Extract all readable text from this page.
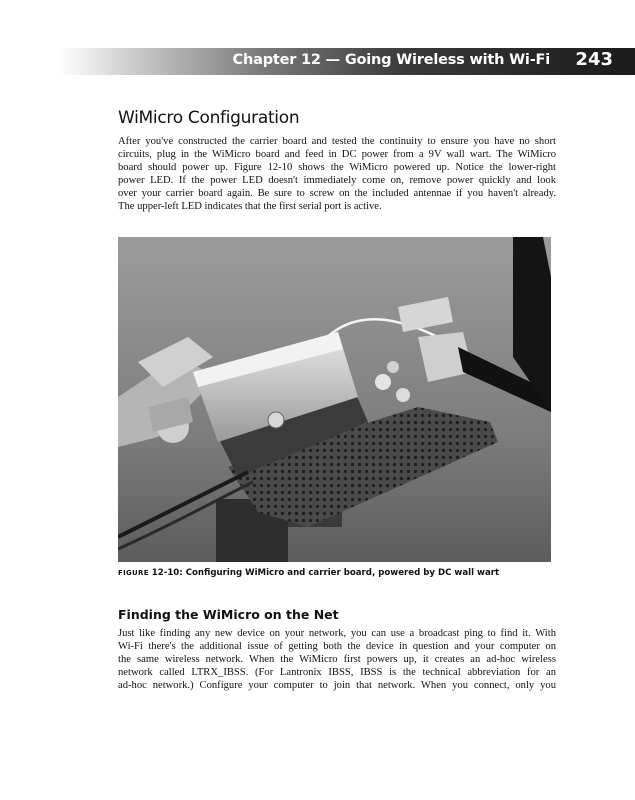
Chapter 12 — Going Wireless with Wi-Fi 243
WiMicro Configuration
After you've constructed the carrier board and tested the continuity to ensure you have no short
circuits, plug in the WiMicro board and feed in DC power from a 9V wall wart. The WiMicro
board should power up. Figure 12-10 shows the WiMicro powered up. Notice the lower-right
power LED. If the power LED doesn't immediately come on, remove power quickly and look
over your carrier board again. Be sure to screw on the included antennae if you haven't already.
The upper-left LED indicates that the first serial port is active.
FIGURE 12-10: Configuring WiMicro and carrier board, powered by DC wall wart
Finding the WiMicro on the Net
Just like finding any new device on your network, you can use a broadcast ping to find it. With
Wi-Fi there's the additional issue of getting both the device in question and your computer on
the same wireless network. When the WiMicro first powers up, it creates an ad-hoc wireless
network called LTRX_IBSS. (For Lantronix IBSS, IBSS is the technical abbreviation for an
ad-hoc network.) Configure your computer to join that network. When you connect, only you
